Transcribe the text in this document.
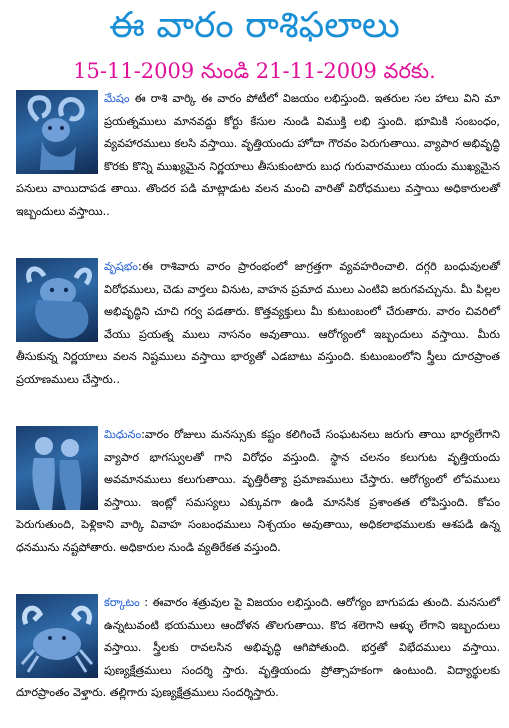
ఈ వారం రాశిఫలాలు
15-11-2009 నుండి 21-11-2009 వరకు.
మేషం ఈ రాశి వార్కి ఈ వారం పోటీలో విజయం లభిస్తుంది. ఇతరుల సల హాలు విని మా ప్రయత్నములు మానవద్దు కోర్టు కేసుల నుండి విముక్తి లభి స్తుంది. భూమికి సంబంధం, వ్యవహారములు కలసి వస్తాయి. వృత్తియందు హోదా గౌరవం పెరుగుతాయి. వ్యాపార అభివృద్ధి కొరకు కొన్ని ముఖ్యమైన నిర్ణయాలు తీసుకుంటారు బుధ గురువారములు యందు ముఖ్యమైన పనులు వాయిదాపడ తాయి. తొందర పడి మాట్లాడుట వలన మంచి వారితో విరోధములు వస్తాయి అధికారులతో ఇబ్బందులు వస్తాయి..
వృషభం:ఈ రాశివారు వారం ప్రారంభంలో జాగ్రత్తగా వ్యవహరించాలి. దగ్గరి బంధువులతో విరోధములు, చెడు వార్తలు వినుట, వాహన ప్రమాద ములు ఎంటివి జరుగవచ్చును. మీ పిల్లల అభివృద్ధిని చూచి గర్వ పడతారు. కొత్తవ్యక్తులు మీ కుటుంబంలో చేరుతారు. వారం చివరిలో వేయు ప్రయత్న ములు నాసనం అవుతాయి. ఆరోగ్యంలో ఇబ్బందులు వస్తాయి. మీరు తీసుకున్న నిర్ణయాలు వలన నిష్టములు వస్తాయి భార్యతో ఎడబాటు వస్తుంది. కుటుంబంలోని స్త్రీలు దూరప్రాంత ప్రయాణములు చేస్తారు..
మిధునం:వారం రోజులు మనస్సుకు కష్టం కలిగించే సంఘటనలు జరుగు తాయి భార్యలేగాని వ్యాపార భాగస్వులతో గాని విరోధం వస్తుంది. స్థాన చలనం కలుగుట వృత్తియందు అవమానములు కలుగుతాయి. వృత్తిరీత్యా ప్రమాణములు చేస్తారు. ఆరోగ్యంలో లోపములు వస్తాయి. ఇంట్లో సమస్యలు ఎక్కువగా ఉండి మానసిక ప్రశాంతత లోపిస్తుంది. కోపం పెరుగుతుంది, పెళ్లికాని వార్కి వివాహ సంబంధములు నిశ్చయం అవుతాయి, అధికలాభములకు ఆశపడి ఉన్న ధనమును నష్టపోతారు. అధికారుల నుండి వ్యతిరేకత వస్తుంది.
కర్కాటం : ఈవారం శత్రువుల పై విజయం లభిస్తుంది. ఆరోగ్యం బాగుపడు తుంది. మనసులో ఉన్నటువంటి భయములు ఆందోళన తొలగుతాయి. కొద శలెగాని ఆళ్ళు లేగాని ఇబ్బందులు వస్తాయి. స్త్రీలకు రావలసిన అభివృద్ధి ఆగిపోతుంది. భర్తతో విభేదములు వస్తాయి. పుణ్యక్షేత్రములు సందర్శి స్తారు. వృత్తియందు ప్రోత్సాహకంగా ఉంటుంది. విద్యార్థులకు దూరప్రాంతం వెళ్తారు. తల్లిగారు పుణ్యక్షేత్రములు సందర్శిస్తారు.
